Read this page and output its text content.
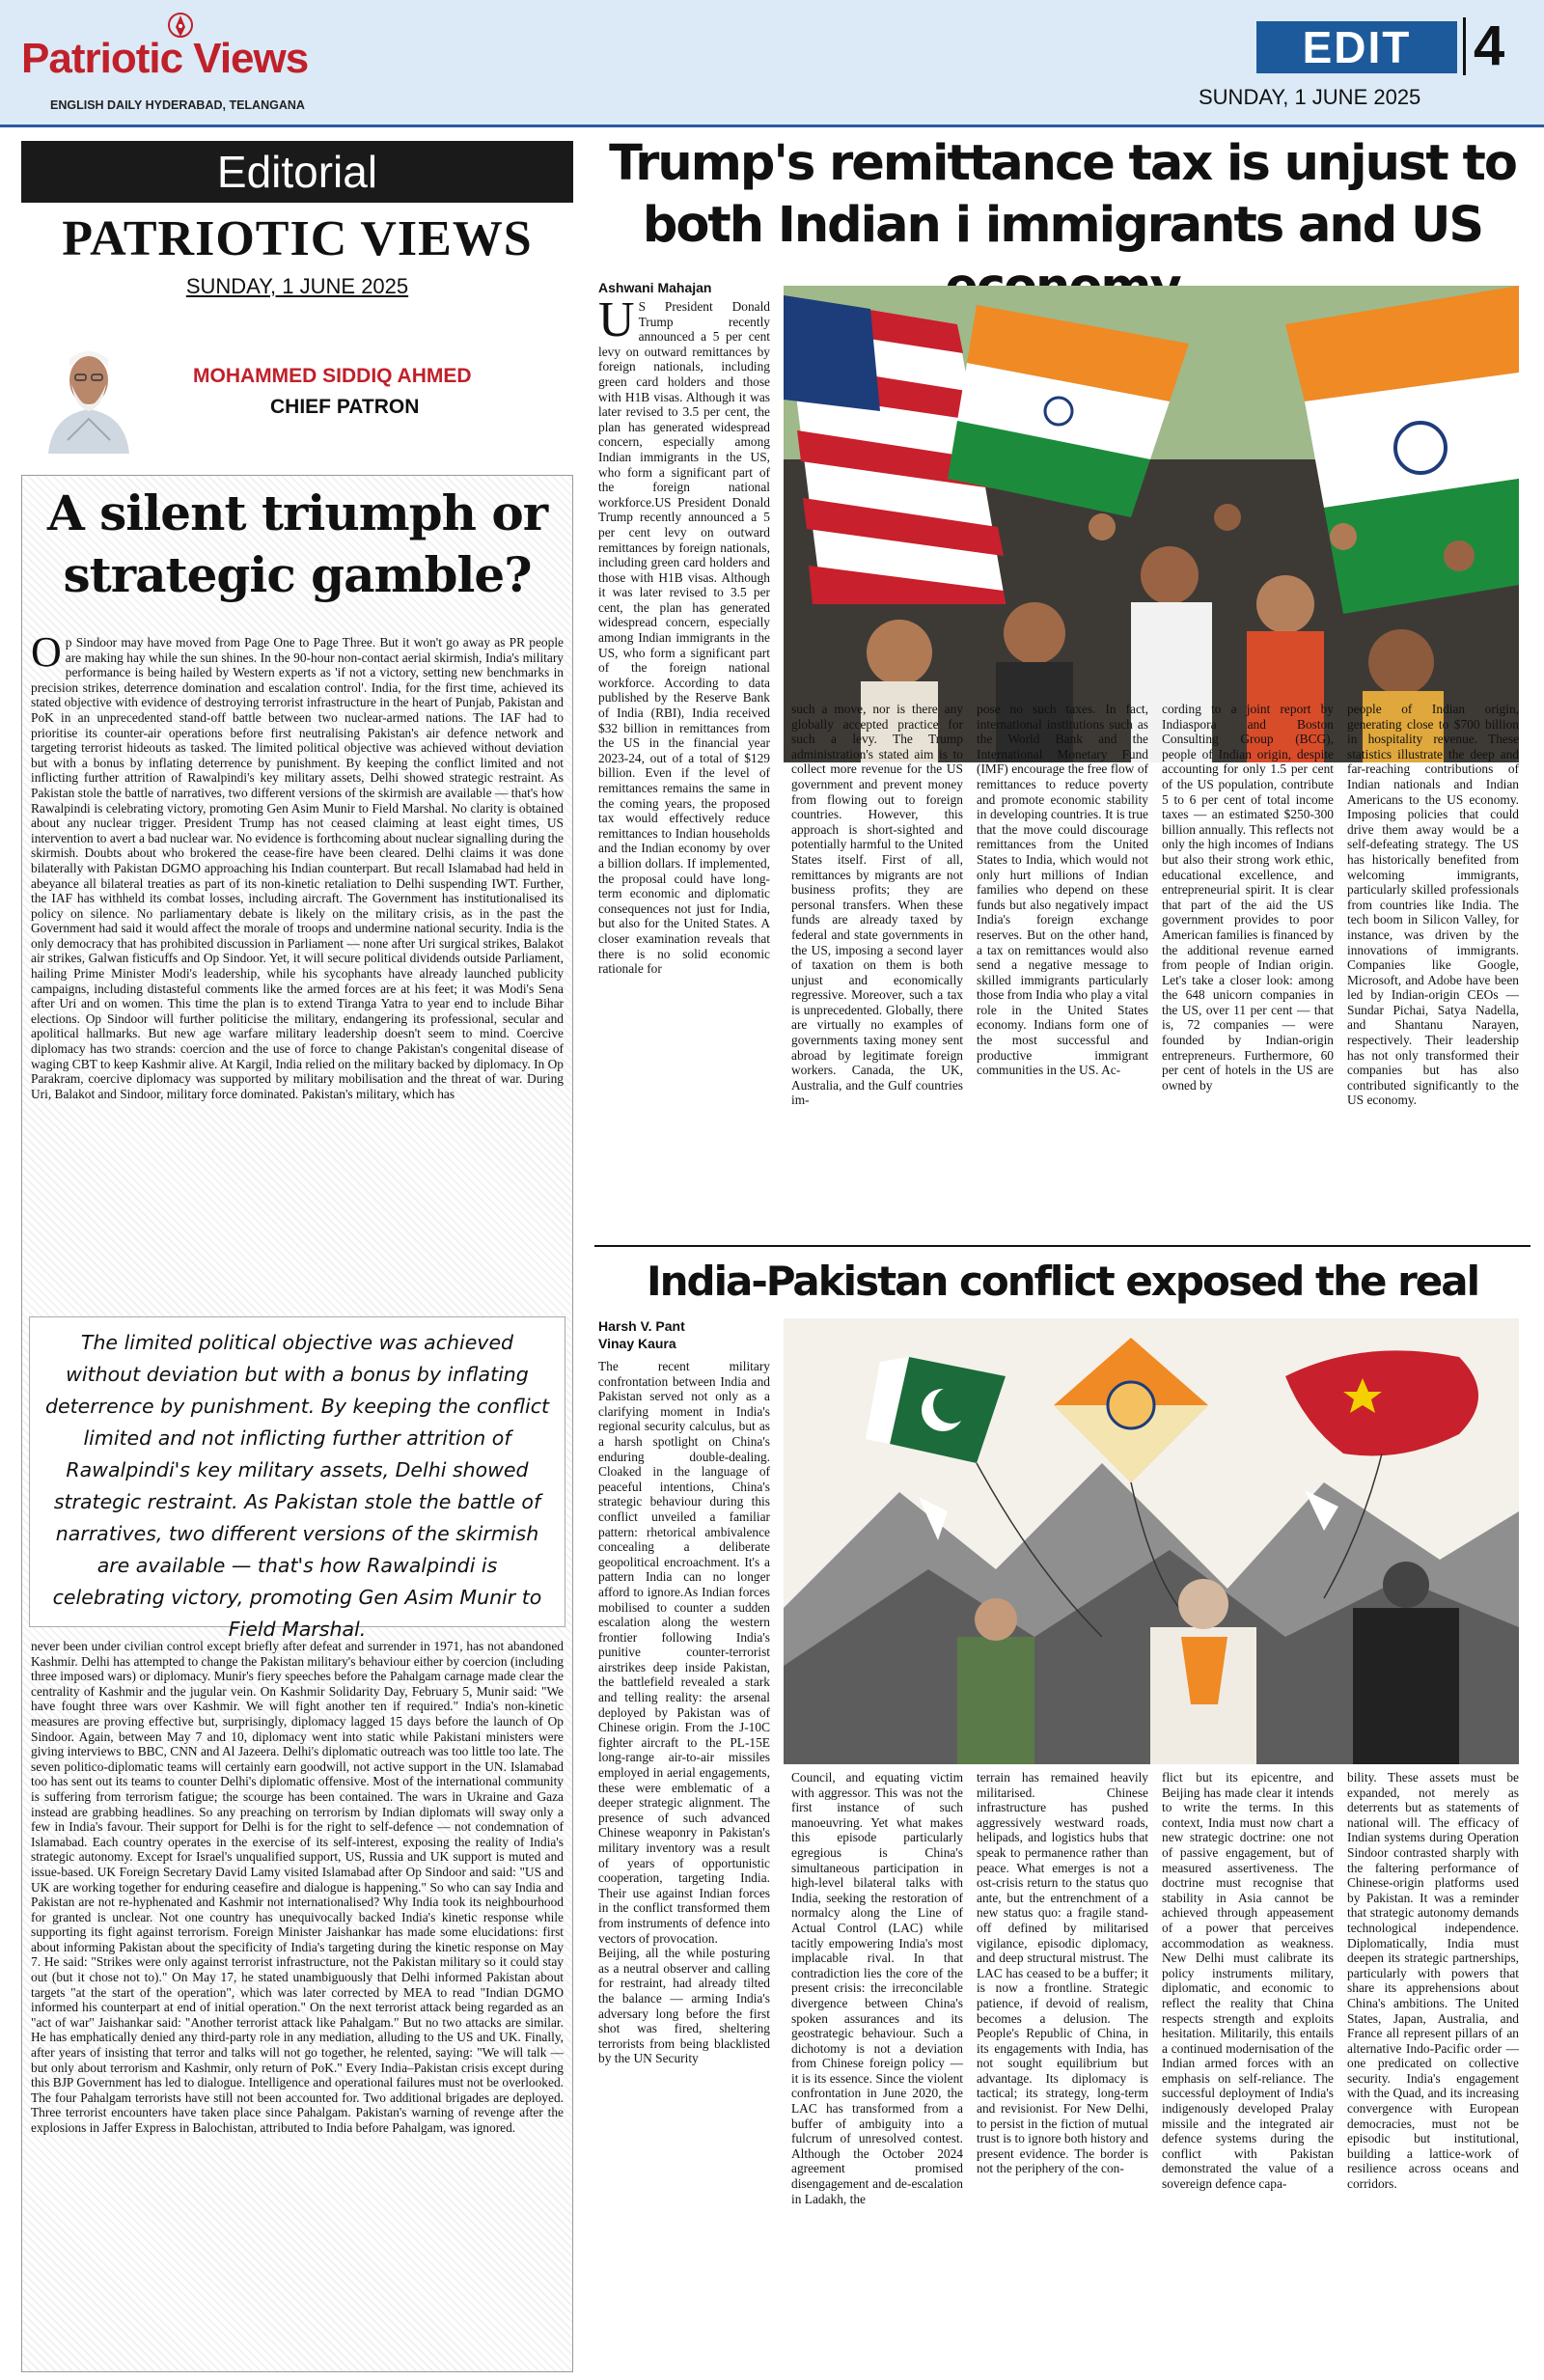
Patriotic Views
ENGLISH DAILY HYDERABAD, TELANGANA
EDIT	4
SUNDAY, 1 JUNE 2025
Editorial
PATRIOTIC VIEWS
SUNDAY, 1 JUNE 2025
MOHAMMED SIDDIQ AHMED
CHIEF PATRON
A silent triumph or strategic gamble?
Op Sindoor may have moved from Page One to Page Three. But it won't go away as PR people are making hay while the sun shines. In the 90-hour non-contact aerial skirmish, India's military performance is being hailed by Western experts as 'if not a victory, setting new benchmarks in precision strikes, deterrence domination and escalation control'. India, for the first time, achieved its stated objective with evidence of destroying terrorist infrastructure in the heart of Punjab, Pakistan and PoK in an unprecedented stand-off battle between two nuclear-armed nations. The IAF had to prioritise its counter-air operations before first neutralising Pakistan's air defence network and targeting terrorist hideouts as tasked. The limited political objective was achieved without deviation but with a bonus by inflating deterrence by punishment. By keeping the conflict limited and not inflicting further attrition of Rawalpindi's key military assets, Delhi showed strategic restraint. As Pakistan stole the battle of narratives, two different versions of the skirmish are available — that's how Rawalpindi is celebrating victory, promoting Gen Asim Munir to Field Marshal. No clarity is obtained about any nuclear trigger. President Trump has not ceased claiming at least eight times, US intervention to avert a bad nuclear war. No evidence is forthcoming about nuclear signalling during the skirmish. Doubts about who brokered the cease-fire have been cleared. Delhi claims it was done bilaterally with Pakistan DGMO approaching his Indian counterpart. But recall Islamabad had held in abeyance all bilateral treaties as part of its non-kinetic retaliation to Delhi suspending IWT. Further, the IAF has withheld its combat losses, including aircraft. The Government has institutionalised its policy on silence. No parliamentary debate is likely on the military crisis, as in the past the Government had said it would affect the morale of troops and undermine national security. India is the only democracy that has prohibited discussion in Parliament — none after Uri surgical strikes, Balakot air strikes, Galwan fisticuffs and Op Sindoor. Yet, it will secure political dividends outside Parliament, hailing Prime Minister Modi's leadership, while his sycophants have already launched publicity campaigns, including distasteful comments like the armed forces are at his feet; it was Modi's Sena after Uri and on women. This time the plan is to extend Tiranga Yatra to year end to include Bihar elections. Op Sindoor will further politicise the military, endangering its professional, secular and apolitical hallmarks. But new age warfare military leadership doesn't seem to mind. Coercive diplomacy has two strands: coercion and the use of force to change Pakistan's congenital disease of waging CBT to keep Kashmir alive. At Kargil, India relied on the military backed by diplomacy. In Op Parakram, coercive diplomacy was supported by military mobilisation and the threat of war. During Uri, Balakot and Sindoor, military force dominated. Pakistan's military, which has
The limited political objective was achieved without deviation but with a bonus by inflating deterrence by punishment. By keeping the conflict limited and not inflicting further attrition of Rawalpindi's key military assets, Delhi showed strategic restraint. As Pakistan stole the battle of narratives, two different versions of the skirmish are available — that's how Rawalpindi is celebrating victory, promoting Gen Asim Munir to Field Marshal.
never been under civilian control except briefly after defeat and surrender in 1971, has not abandoned Kashmir. Delhi has attempted to change the Pakistan military's behaviour either by coercion (including three imposed wars) or diplomacy. Munir's fiery speeches before the Pahalgam carnage made clear the centrality of Kashmir and the jugular vein. On Kashmir Solidarity Day, February 5, Munir said: "We have fought three wars over Kashmir. We will fight another ten if required." India's non-kinetic measures are proving effective but, surprisingly, diplomacy lagged 15 days before the launch of Op Sindoor. Again, between May 7 and 10, diplomacy went into static while Pakistani ministers were giving interviews to BBC, CNN and Al Jazeera. Delhi's diplomatic outreach was too little too late. The seven politico-diplomatic teams will certainly earn goodwill, not active support in the UN. Islamabad too has sent out its teams to counter Delhi's diplomatic offensive. Most of the international community is suffering from terrorism fatigue; the scourge has been contained. The wars in Ukraine and Gaza instead are grabbing headlines. So any preaching on terrorism by Indian diplomats will sway only a few in India's favour. Their support for Delhi is for the right to self-defence — not condemnation of Islamabad. Each country operates in the exercise of its self-interest, exposing the reality of India's strategic autonomy. Except for Israel's unqualified support, US, Russia and UK support is muted and issue-based. UK Foreign Secretary David Lamy visited Islamabad after Op Sindoor and said: "US and UK are working together for enduring ceasefire and dialogue is happening." So who can say India and Pakistan are not re-hyphenated and Kashmir not internationalised? Why India took its neighbourhood for granted is unclear. Not one country has unequivocally backed India's kinetic response while supporting its fight against terrorism. Foreign Minister Jaishankar has made some elucidations: first about informing Pakistan about the specificity of India's targeting during the kinetic response on May 7. He said: "Strikes were only against terrorist infrastructure, not the Pakistan military so it could stay out (but it chose not to)." On May 17, he stated unambiguously that Delhi informed Pakistan about targets "at the start of the operation", which was later corrected by MEA to read "Indian DGMO informed his counterpart at end of initial operation." On the next terrorist attack being regarded as an "act of war" Jaishankar said: "Another terrorist attack like Pahalgam." But no two attacks are similar. He has emphatically denied any third-party role in any mediation, alluding to the US and UK. Finally, after years of insisting that terror and talks will not go together, he relented, saying: "We will talk — but only about terrorism and Kashmir, only return of PoK." Every India–Pakistan crisis except during this BJP Government has led to dialogue. Intelligence and operational failures must not be overlooked. The four Pahalgam terrorists have still not been accounted for. Two additional brigades are deployed. Three terrorist encounters have taken place since Pahalgam. Pakistan's warning of revenge after the explosions in Jaffer Express in Balochistan, attributed to India before Pahalgam, was ignored.
Trump's remittance tax is unjust to both Indian i immigrants and US
Ashwani Mahajan
U S President Donald Trump recently announced a 5 per cent levy on outward remittances by foreign nationals, including green card holders and those with H1B visas. Although it was later revised to 3.5 per cent, the plan has generated widespread concern, especially among Indian immigrants in the US, who form a significant part of the foreign national workforce.US President Donald Trump recently announced a 5 per cent levy on outward remittances by foreign nationals, including green card holders and those with H1B visas. Although it was later revised to 3.5 per cent, the plan has generated widespread concern, especially among Indian immigrants in the US, who form a significant part of the foreign national workforce. According to data published by the Reserve Bank of India (RBI), India received $32 billion in remittances from the US in the financial year 2023-24, out of a total of $129 billion. Even if the level of remittances remains the same in the coming years, the proposed tax would effectively reduce remittances to Indian households and the Indian economy by over a billion dollars. If implemented, the proposal could have long-term economic and diplomatic consequences not just for India, but also for the United States. A closer examination reveals that there is no solid economic rationale for
such a move, nor is there any globally accepted practice for such a levy. The Trump administration's stated aim is to collect more revenue for the US government and prevent money from flowing out to foreign countries. However, this approach is short-sighted and potentially harmful to the United States itself. First of all, remittances by migrants are not business profits; they are personal transfers. When these funds are already taxed by federal and state governments in the US, imposing a second layer of taxation on them is both unjust and economically regressive. Moreover, such a tax is unprecedented. Globally, there are virtually no examples of governments taxing money sent abroad by legitimate foreign workers. Canada, the UK, Australia, and the Gulf countries im-
pose no such taxes. In fact, international institutions such as the World Bank and the International Monetary Fund (IMF) encourage the free flow of remittances to reduce poverty and promote economic stability in developing countries. It is true that the move could discourage remittances from the United States to India, which would not only hurt millions of Indian families who depend on these funds but also negatively impact India's foreign exchange reserves. But on the other hand, a tax on remittances would also send a negative message to skilled immigrants particularly those from India who play a vital role in the United States economy. Indians form one of the most successful and productive immigrant communities in the US. Ac-
cording to a joint report by Indiaspora and Boston Consulting Group (BCG), people of Indian origin, despite accounting for only 1.5 per cent of the US population, contribute 5 to 6 per cent of total income taxes — an estimated $250-300 billion annually. This reflects not only the high incomes of Indians but also their strong work ethic, educational excellence, and entrepreneurial spirit. It is clear that part of the aid the US government provides to poor American families is financed by the additional revenue earned from people of Indian origin. Let's take a closer look: among the 648 unicorn companies in the US, over 11 per cent — that is, 72 companies — were founded by Indian-origin entrepreneurs. Furthermore, 60 per cent of hotels in the US are owned by
people of Indian origin, generating close to $700 billion in hospitality revenue. These statistics illustrate the deep and far-reaching contributions of Indian nationals and Indian Americans to the US economy. Imposing policies that could drive them away would be a self-defeating strategy. The US has historically benefited from welcoming immigrants, particularly skilled professionals from countries like India. The tech boom in Silicon Valley, for instance, was driven by the innovations of immigrants. Companies like Google, Microsoft, and Adobe have been led by Indian-origin CEOs — Sundar Pichai, Satya Nadella, and Shantanu Narayen, respectively. Their leadership has not only transformed their companies but has also contributed significantly to the US economy.
India-Pakistan conflict exposed the real
Harsh V. Pant
Vinay Kaura
The recent military confrontation between India and Pakistan served not only as a clarifying moment in India's regional security calculus, but as a harsh spotlight on China's enduring double-dealing. Cloaked in the language of peaceful intentions, China's strategic behaviour during this conflict unveiled a familiar pattern: rhetorical ambivalence concealing a deliberate geopolitical encroachment. It's a pattern India can no longer afford to ignore.As Indian forces mobilised to counter a sudden escalation along the western frontier following India's punitive counter-terrorist airstrikes deep inside Pakistan, the battlefield revealed a stark and telling reality: the arsenal deployed by Pakistan was of Chinese origin. From the J-10C fighter aircraft to the PL-15E long-range air-to-air missiles employed in aerial engagements, these were emblematic of a deeper strategic alignment. The presence of such advanced Chinese weaponry in Pakistan's military inventory was a result of years of opportunistic cooperation, targeting India. Their use against Indian forces in the conflict transformed them from instruments of defence into vectors of provocation.
Beijing, all the while posturing as a neutral observer and calling for restraint, had already tilted the balance — arming India's adversary long before the first shot was fired, sheltering terrorists from being blacklisted by the UN Security
Council, and equating victim with aggressor. This was not the first instance of such manoeuvring. Yet what makes this episode particularly egregious is China's simultaneous participation in high-level bilateral talks with India, seeking the restoration of normalcy along the Line of Actual Control (LAC) while tacitly empowering India's most implacable rival. In that contradiction lies the core of the present crisis: the irreconcilable divergence between China's spoken assurances and its geostrategic behaviour. Such a dichotomy is not a deviation from Chinese foreign policy — it is its essence. Since the violent confrontation in June 2020, the LAC has transformed from a buffer of ambiguity into a fulcrum of unresolved contest. Although the October 2024 agreement promised disengagement and de-escalation in Ladakh, the
terrain has remained heavily militarised. Chinese infrastructure has pushed aggressively westward roads, helipads, and logistics hubs that speak to permanence rather than peace. What emerges is not a ost-crisis return to the status quo ante, but the entrenchment of a new status quo: a fragile stand-off defined by militarised vigilance, episodic diplomacy, and deep structural mistrust. The LAC has ceased to be a buffer; it is now a frontline. Strategic patience, if devoid of realism, becomes a delusion. The People's Republic of China, in its engagements with India, has not sought equilibrium but advantage. Its diplomacy is tactical; its strategy, long-term and revisionist. For New Delhi, to persist in the fiction of mutual trust is to ignore both history and present evidence. The border is not the periphery of the con-
flict but its epicentre, and Beijing has made clear it intends to write the terms. In this context, India must now chart a new strategic doctrine: one not of passive engagement, but of measured assertiveness. The doctrine must recognise that stability in Asia cannot be achieved through appeasement of a power that perceives accommodation as weakness. New Delhi must calibrate its policy instruments military, diplomatic, and economic to reflect the reality that China respects strength and exploits hesitation. Militarily, this entails a continued modernisation of the Indian armed forces with an emphasis on self-reliance. The successful deployment of India's indigenously developed Pralay missile and the integrated air defence systems during the conflict with Pakistan demonstrated the value of a sovereign defence capa-
bility. These assets must be expanded, not merely as deterrents but as statements of national will. The efficacy of Indian systems during Operation Sindoor contrasted sharply with the faltering performance of Chinese-origin platforms used by Pakistan. It was a reminder that strategic autonomy demands technological independence. Diplomatically, India must deepen its strategic partnerships, particularly with powers that share its apprehensions about China's ambitions. The United States, Japan, Australia, and France all represent pillars of an alternative Indo-Pacific order — one predicated on collective security. India's engagement with the Quad, and its increasing convergence with European democracies, must not be episodic but institutional, building a lattice-work of resilience across oceans and corridors.
